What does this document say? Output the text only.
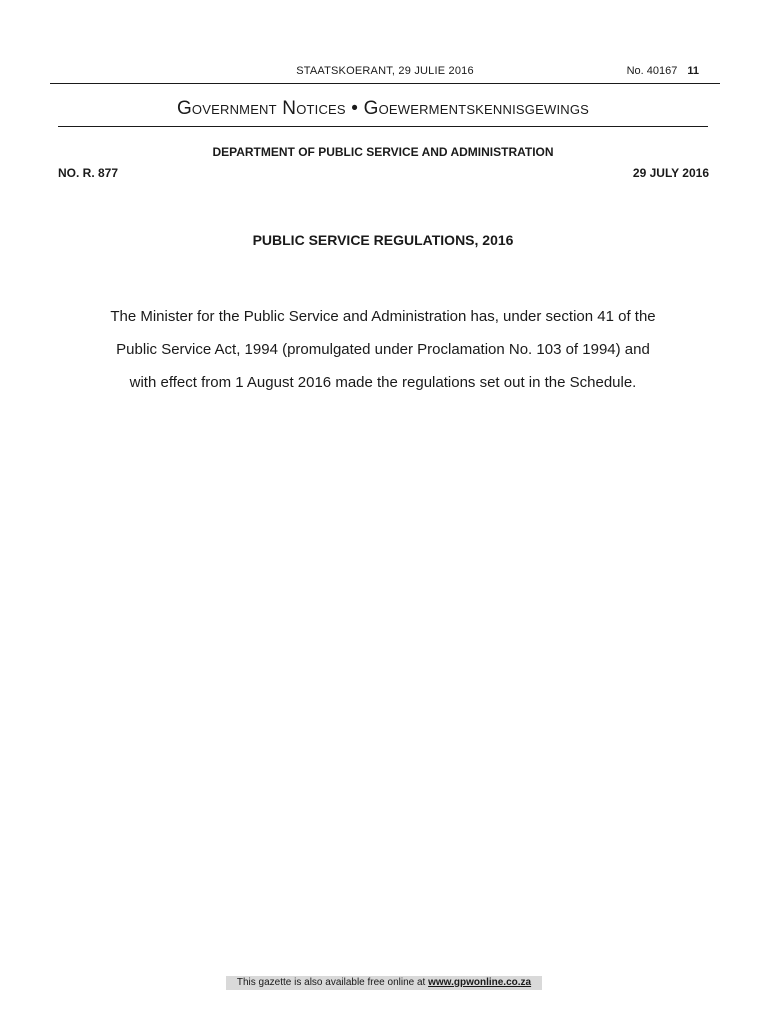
STAATSKOERANT, 29 JULIE 2016	No. 40167 11
Government Notices • Goewermentskennisgewings
DEPARTMENT OF PUBLIC SERVICE AND ADMINISTRATION
NO. R. 877	29 JULY 2016
PUBLIC SERVICE REGULATIONS, 2016
The Minister for the Public Service and Administration has, under section 41 of the
Public Service Act, 1994 (promulgated under Proclamation No. 103 of 1994) and
with effect from 1 August 2016 made the regulations set out in the Schedule.
This gazette is also available free online at www.gpwonline.co.za
